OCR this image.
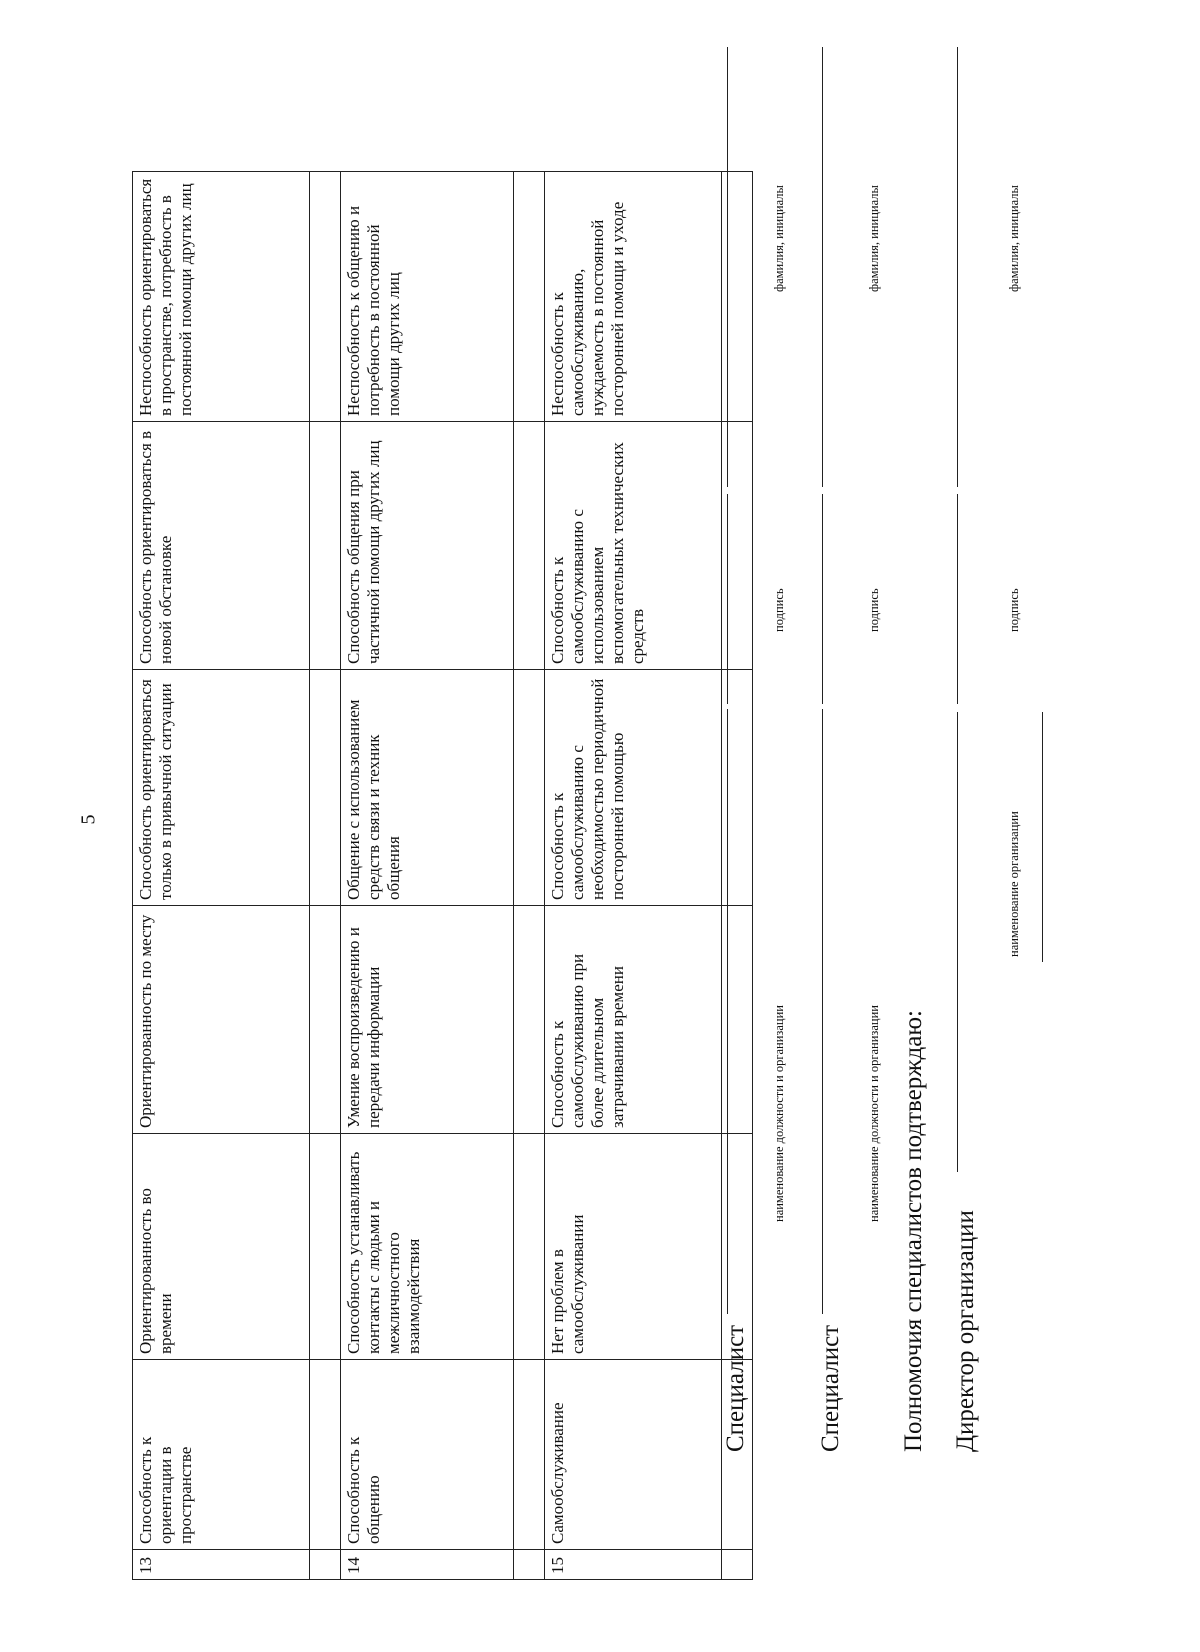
5
13	Способность к ориентации в пространстве	Ориентированность во времени	Ориентированность по месту	Способность ориентироваться только в привычной ситуации	Способность ориентироваться в новой обстановке	Неспособность ориентироваться в пространстве, потребность в постоянной помощи других лиц

14	Способность к общению	Способность устанавливать контакты с людьми и межличностного взаимодействия	Умение воспроизведению и передачи информации	Общение с использованием средств связи и техник общения	Способность общения при частичной помощи других лиц	Неспособность к общению и потребность в постоянной помощи других лиц

15	Самообслуживание	Нет проблем в самообслуживании	Способность к самообслуживанию при более длительном затрачивании времени	Способность к самообслуживанию с необходимостью периодичной посторонней помощью	Способность к самообслуживанию с использованием вспомогательных технических средств	Неспособность к самообслуживанию, нуждаемость в постоянной посторонней помощи и уходе

Специалист
наименование должности и организации
подпись
фамилия, инициалы
Специалист
наименование должности и организации
подпись
фамилия, инициалы
Полномочия специалистов подтверждаю: Директор организации
наименование организации
подпись
фамилия, инициалы
